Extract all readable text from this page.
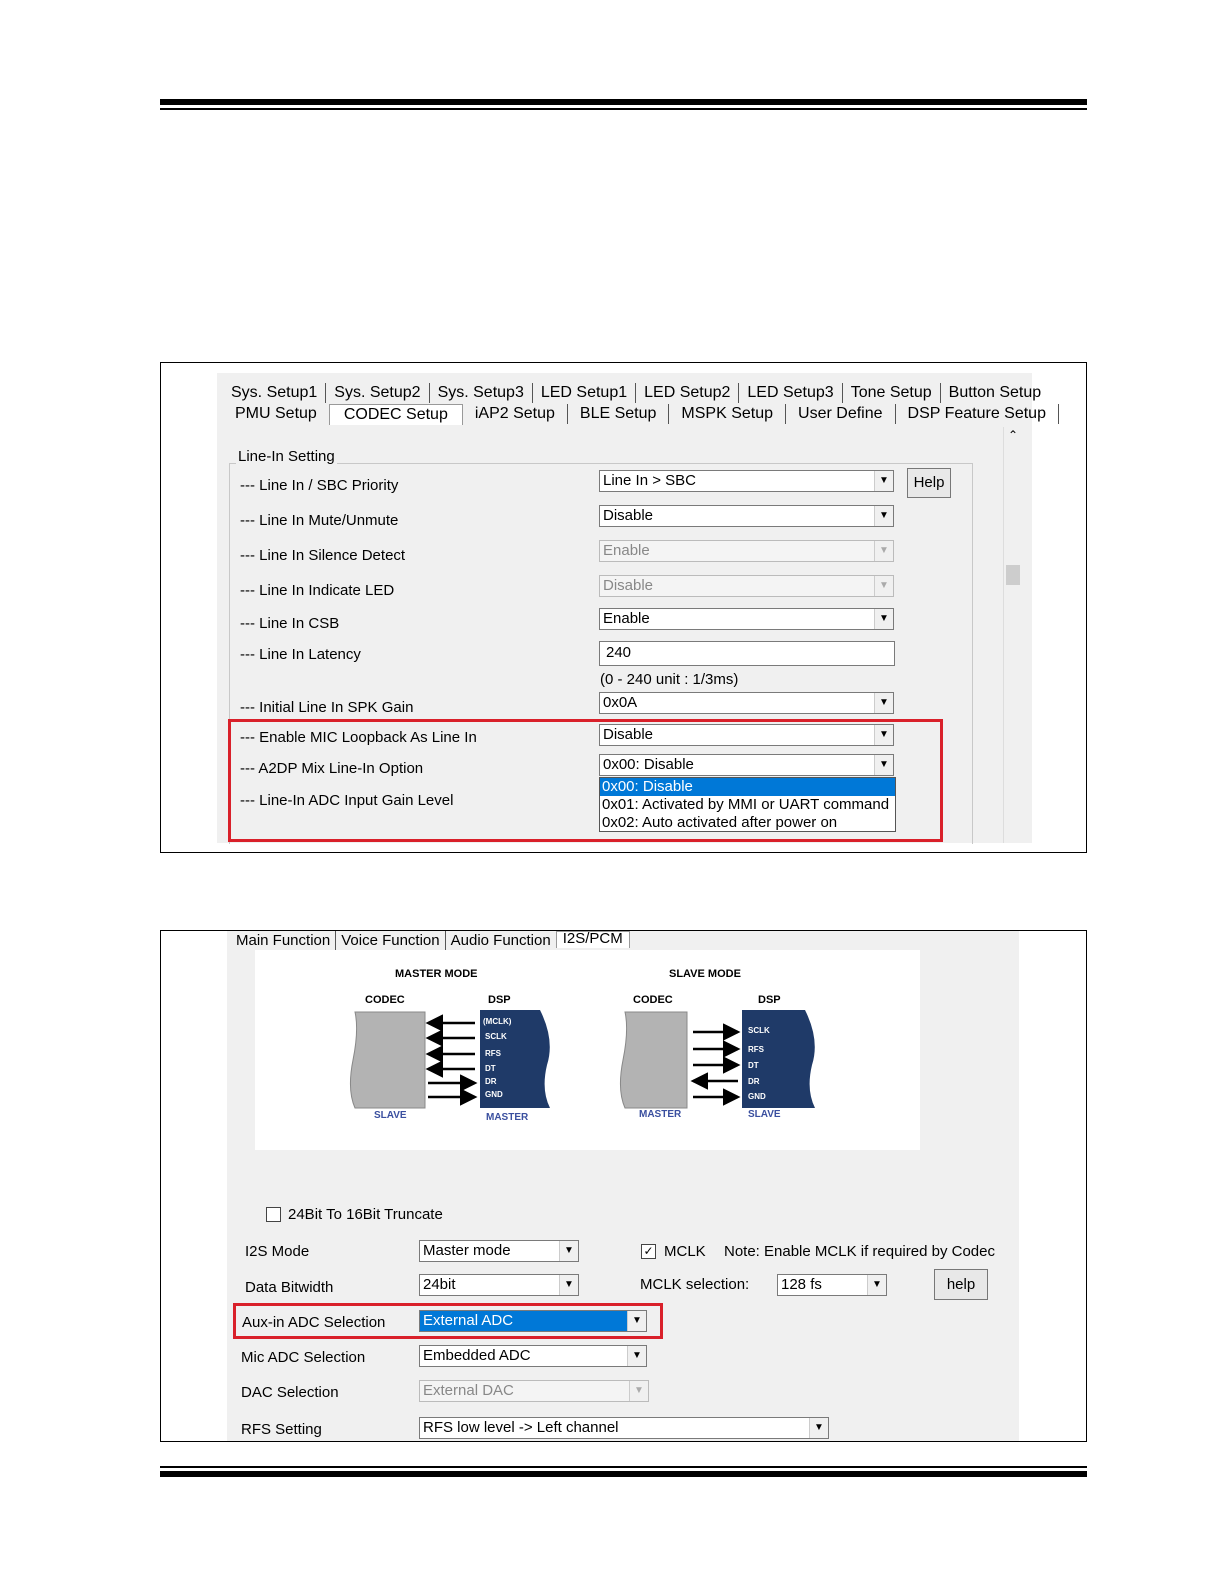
Sys. Setup1	Sys. Setup2	Sys. Setup3	LED Setup1	LED Setup2	LED Setup3	Tone Setup	Button Setup
PMU Setup	CODEC Setup	iAP2 Setup	BLE Setup	MSPK Setup	User Define	DSP Feature Setup
⌃
Line-In Setting
--- Line In / SBC Priority	Line In > SBC	▼	Help
--- Line In Mute/Unmute	Disable	▼
--- Line In Silence Detect	Enable	▼
--- Line In Indicate LED	Disable	▼
--- Line In CSB	Enable	▼
--- Line In Latency	240
(0 - 240 unit : 1/3ms)
--- Initial Line In SPK Gain	0x0A	▼
--- Enable MIC Loopback As Line In	Disable	▼
--- A2DP Mix Line-In Option	0x00: Disable	▼
--- Line-In ADC Input Gain Level
0x00: Disable
0x01: Activated by MMI or UART command
0x02: Auto activated after power on
Main Function Voice Function Audio Function I2S/PCM
MASTER MODE	SLAVE MODE
CODEC	DSP	CODEC	DSP
(MCLK)
SCLK
RFS
DT
DR
GND
SCLK
RFS
DT
DR
GND
SLAVE	MASTER	MASTER	SLAVE
24Bit To 16Bit Truncate
I2S Mode	Master mode	▼	✓ MCLK Note: Enable MCLK if required by Codec
Data Bitwidth	24bit	▼	MCLK selection: 128 fs	▼	help
Aux-in ADC Selection	External ADC	▼
Mic ADC Selection	Embedded ADC	▼
DAC Selection	External DAC	▼
RFS Setting	RFS low level -> Left channel	▼
